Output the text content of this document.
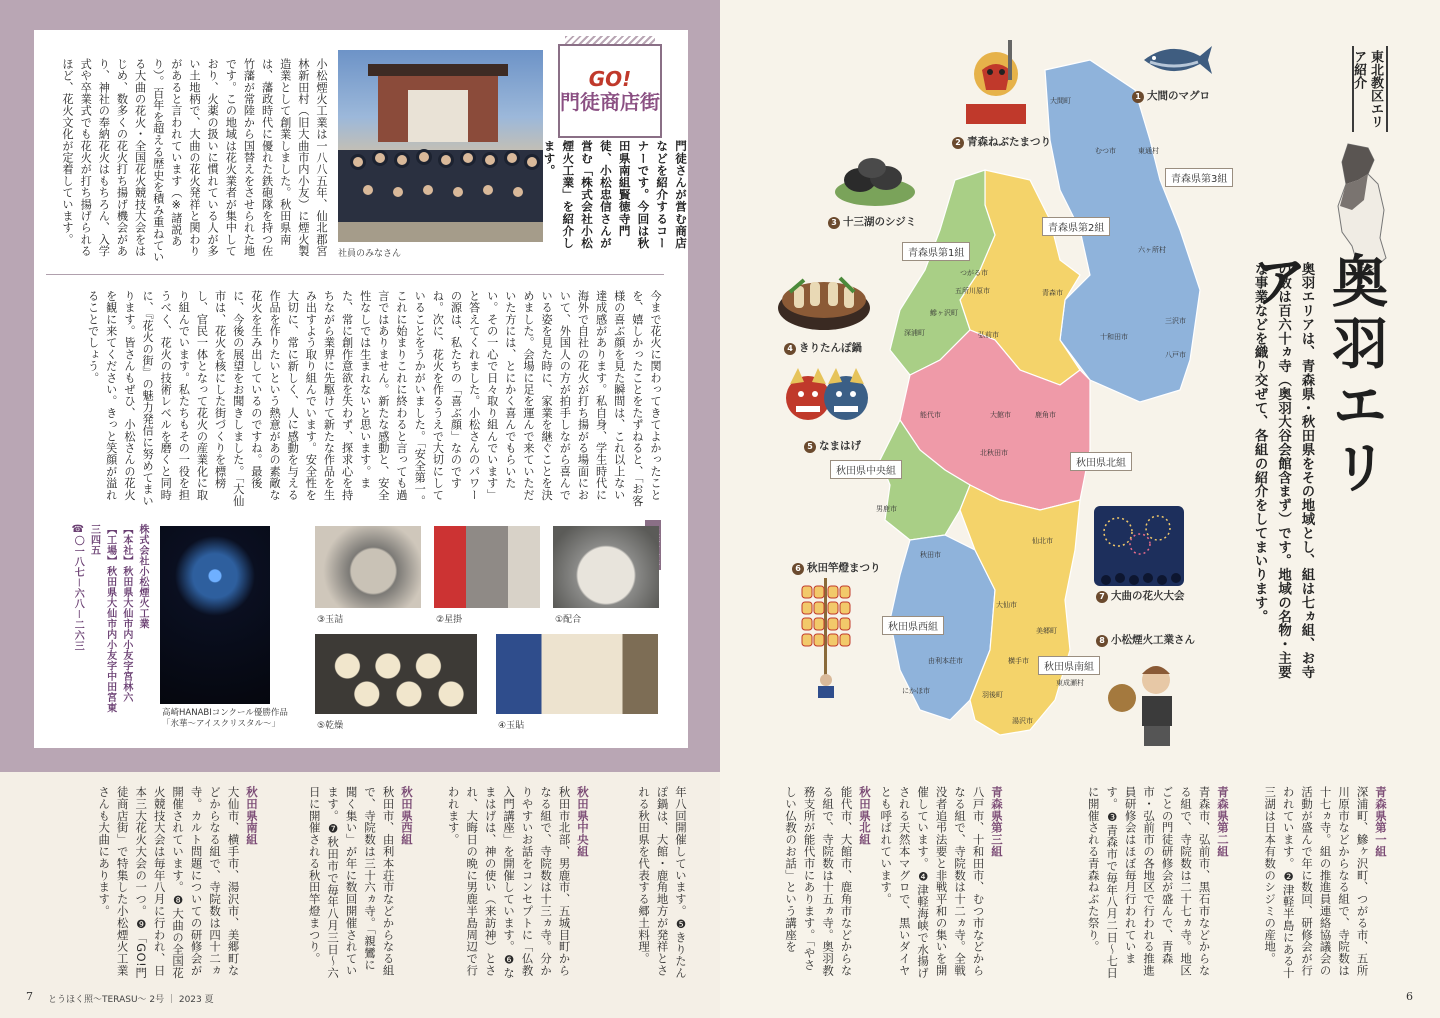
GO!
門徒商店街
門徒さんが営む商店などを紹介するコーナーです。今回は秋田県南組賢徳寺門徒、小松忠信さんが営む「株式会社小松煙火工業」を紹介します。
社員のみなさん
小松煙火工業は一八八五年、仙北郡宮林新田村（旧大曲市内小友）に煙火製造業として創業しました。秋田県南は、藩政時代に優れた鉄砲隊を持つ佐竹藩が常陸から国替えをさせられた地です。この地域は花火業者が集中しており、火薬の扱いに慣れている人が多い土地柄で、大曲の花火発祥と関わりがあると言われています（※諸説あり）。百年を超える歴史を積み重ねている大曲の花火・全国花火競技大会をはじめ、数多くの花火打ち揚げ機会があり、神社の奉納花火はもちろん、入学式や卒業式でも花火が打ち揚げられるほど、花火文化が定着しています。
今まで花火に関わってきてよかったことを、嬉しかったことをたずねると、「お客様の喜ぶ顔を見た瞬間は、これ以上ない達成感があります。私自身、学生時代に海外で自社の花火が打ち揚がる場面において、外国人の方が拍手しながら喜んでいる姿を見た時に、家業を継ぐことを決めました。会場に足を運んで来ていただいた方には、とにかく喜んでもらいたい。その一心で日々取り組んでいます」と答えてくれました。小松さんのパワーの源は、私たちの「喜ぶ顔」なのですね。次に、花火を作るうえで大切にしていることをうかがいました。「安全第一。これに始まりこれに終わると言っても過言ではありません。新たな感動と、安全性なしでは生まれないと思います。また、常に創作意欲を失わず、探求心を持ちながら業界に先駆けて新たな作品を生み出すよう取り組んでいます。安全性を大切に、常に新しく、人に感動を与える作品を作りたいという熱意があの素敵な花火を生み出しているのですね。最後に、今後の展望をお聞きしました。「大仙市は、花火を核にした街づくりを標榜し、官民一体となって花火の産業化に取り組んでいます。私たちもその一役を担うべく、花火の技術レベルを磨くと同時に、『花火の街』の魅力発信に努めてまいります。皆さんもぜひ、小松さんの花火を観に来てください。きっと笑顔が溢れることでしょう。
①配合
②星掛
③玉詰
④玉貼
⑤乾燥
高崎HANABIコンクール優勝作品
「氷華～アイスクリスタル～」
株式会社小松煙火工業
【本社】秋田県大仙市内小友字宮林六
【工場】秋田県大仙市内小友字中田宮東三四五
☎〇一八七－六八－二六三
年八回開催しています。❺きりたんぽ鍋は、大館・鹿角地方が発祥とされる秋田県を代表する郷土料理。
秋田県中央組
秋田市北部、男鹿市、五城目町からなる組で、寺院数は十三ヵ寺。分かりやすいお話をコンセプトに「仏教入門講座」を開催しています。❻なまはげは、神の使い（来訪神）とされ、大晦日の晩に男鹿半島周辺で行われます。
秋田県西組
秋田市、由利本荘市などからなる組で、寺院数は三十六ヵ寺。「親鸞に聞く集い」が年に数回開催されています。❼秋田市で毎年八月三日～六日に開催される秋田竿燈まつり。
秋田県南組
大仙市、横手市、湯沢市、美郷町などからなる組で、寺院数は四十二ヵ寺。カルト問題についての研修会が開催されています。❽大曲の全国花火競技大会は毎年八月に行われ、日本三大花火大会の一つ。❾「GO!門徒商店街」で特集した小松煙火工業さんも大曲にあります。
7 とうほく照～TERASU～ 2号 ｜ 2023 夏
東北教区エリア紹介
奥羽エリア
奥羽エリアは、青森県・秋田県をその地域とし、組は七ヵ組、お寺の数は百六十ヵ寺（奥羽大谷会館含まず）です。地域の名物・主要な事業などを織り交ぜて、各組の紹介をしてまいります。
青森県第3組
青森県第2組
青森県第1組
秋田県北組
秋田県中央組
秋田県西組
秋田県南組
大間町
むつ市	東通村
六ヶ所村
三沢市
八戸市
十和田市
青森市
弘前市
五所川原市
つがる市
鰺ヶ沢町
深浦町
大館市	鹿角市
能代市
北秋田市
男鹿市
秋田市
大仙市
横手市
湯沢市
由利本荘市
にかほ市
仙北市
美郷町
羽後町
東成瀬村
1 大間のマグロ
2 青森ねぶたまつり
3 十三湖のシジミ
4 きりたんぽ鍋
5 なまはげ
6 秋田竿燈まつり
7 大曲の花火大会
8 小松煙火工業さん
青森県第一組
深浦町、鰺ヶ沢町、つがる市、五所川原市などからなる組で、寺院数は十七ヵ寺。組の推進員連絡協議会の活動が盛んで年に数回、研修会が行われています。❷津軽半島にある十三湖は日本有数のシジミの産地。
青森県第二組
青森市、弘前市、黒石市などからなる組で、寺院数は二十七ヵ寺。地区ごとの門徒研修会が盛んで、青森市・弘前市の各地区で行われる推進員研修会はほぼ毎月行われています。❸青森市で毎年八月二日～七日に開催される青森ねぶた祭り。
青森県第三組
八戸市、十和田市、むつ市などからなる組で、寺院数は十二ヵ寺。全戦没者追弔法要と非戦平和の集いを開催しています。❹津軽海峡で水揚げされる天然本マグロで、黒いダイヤとも呼ばれています。
秋田県北組
能代市、大館市、鹿角市などからなる組で、寺院数は十五ヵ寺。奥羽教務支所が能代市にあります。「やさしい仏教のお話」という講座を
6
